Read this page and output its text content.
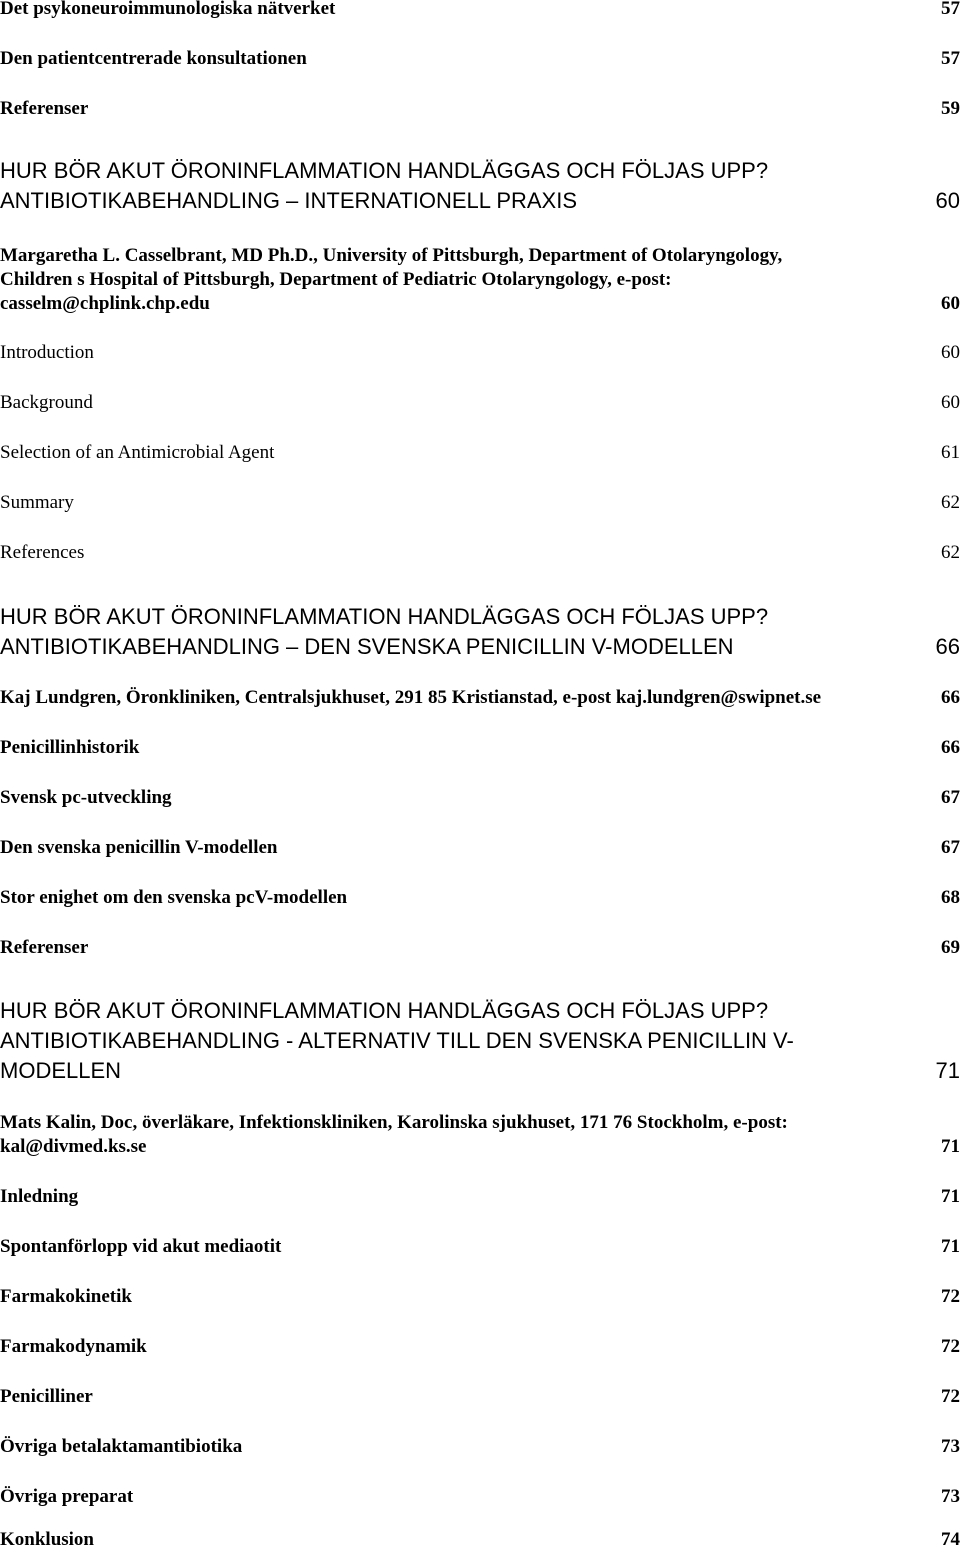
Det psykoneuroimmunologiska nätverket	57
Den patientcentrerade konsultationen	57
Referenser	59
HUR BÖR AKUT ÖRONINFLAMMATION HANDLÄGGAS OCH FÖLJAS UPP?
ANTIBIOTIKABEHANDLING – INTERNATIONELL PRAXIS	60
Margaretha L. Casselbrant, MD Ph.D., University of Pittsburgh, Department of Otolaryngology,
Children s Hospital of Pittsburgh, Department of Pediatric Otolaryngology, e-post:
casselm@chplink.chp.edu	60
Introduction	60
Background	60
Selection of an Antimicrobial Agent	61
Summary	62
References	62
HUR BÖR AKUT ÖRONINFLAMMATION HANDLÄGGAS OCH FÖLJAS UPP?
ANTIBIOTIKABEHANDLING – DEN SVENSKA PENICILLIN V-MODELLEN	66
Kaj Lundgren, Öronkliniken, Centralsjukhuset, 291 85 Kristianstad, e-post kaj.lundgren@swipnet.se	66
Penicillinhistorik	66
Svensk pc-utveckling	67
Den svenska penicillin V-modellen	67
Stor enighet om den svenska pcV-modellen	68
Referenser	69
HUR BÖR AKUT ÖRONINFLAMMATION HANDLÄGGAS OCH FÖLJAS UPP?
ANTIBIOTIKABEHANDLING - ALTERNATIV TILL DEN SVENSKA PENICILLIN V-
MODELLEN	71
Mats Kalin, Doc, överläkare, Infektionskliniken, Karolinska sjukhuset, 171 76 Stockholm, e-post:
kal@divmed.ks.se	71
Inledning	71
Spontanförlopp vid akut mediaotit	71
Farmakokinetik	72
Farmakodynamik	72
Penicilliner	72
Övriga betalaktamantibiotika	73
Övriga preparat	73
Konklusion	74
